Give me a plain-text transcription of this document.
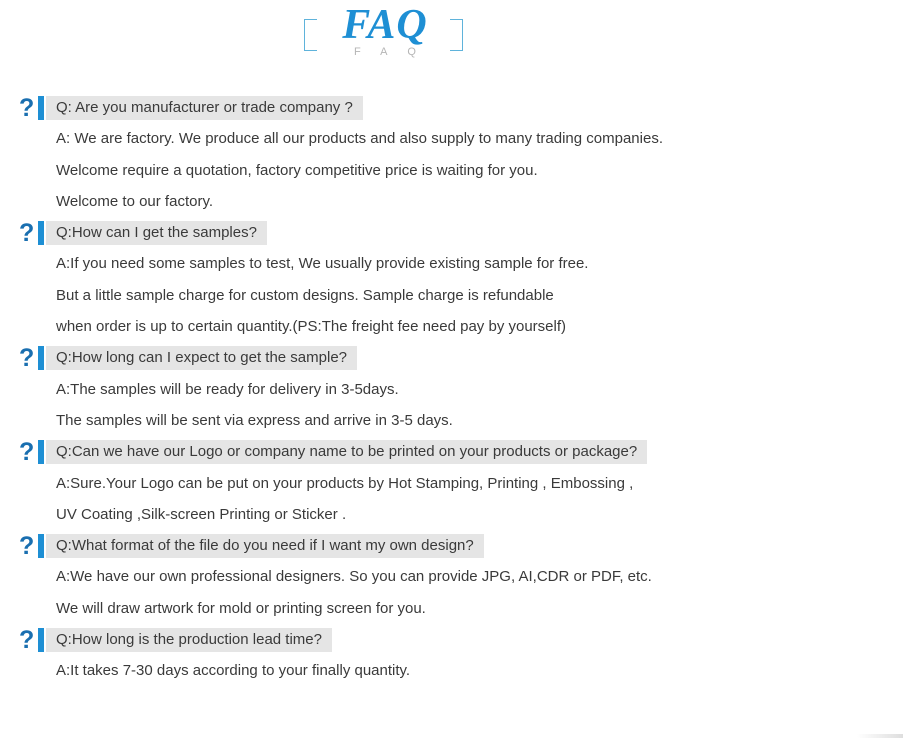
FAQ
FAQ
?	Q: Are you manufacturer or trade company ?
A: We are factory. We produce all our products and also supply to many trading companies.
Welcome require a quotation, factory competitive price is waiting for you.
Welcome to our factory.
?	Q:How can I get the samples?
A:If you need some samples to test, We usually provide existing sample for free.
But a little sample charge for custom designs. Sample charge is refundable
when order is up to certain quantity.(PS:The freight fee need pay by yourself)
?	Q:How long can I expect to get the sample?
A:The samples will be ready for delivery in 3-5days.
The samples will be sent via express and arrive in 3-5 days.
?	Q:Can we have our Logo or company name to be printed on your products or package?
A:Sure.Your Logo can be put on your products by Hot Stamping, Printing , Embossing ,
UV Coating ,Silk-screen Printing or Sticker .
?	Q:What format of the file do you need if I want my own design?
A:We have our own professional designers. So you can provide JPG, AI,CDR or PDF, etc.
We will draw artwork for mold or printing screen for you.
?	Q:How long is the production lead time?
A:It takes 7-30 days according to your finally quantity.
